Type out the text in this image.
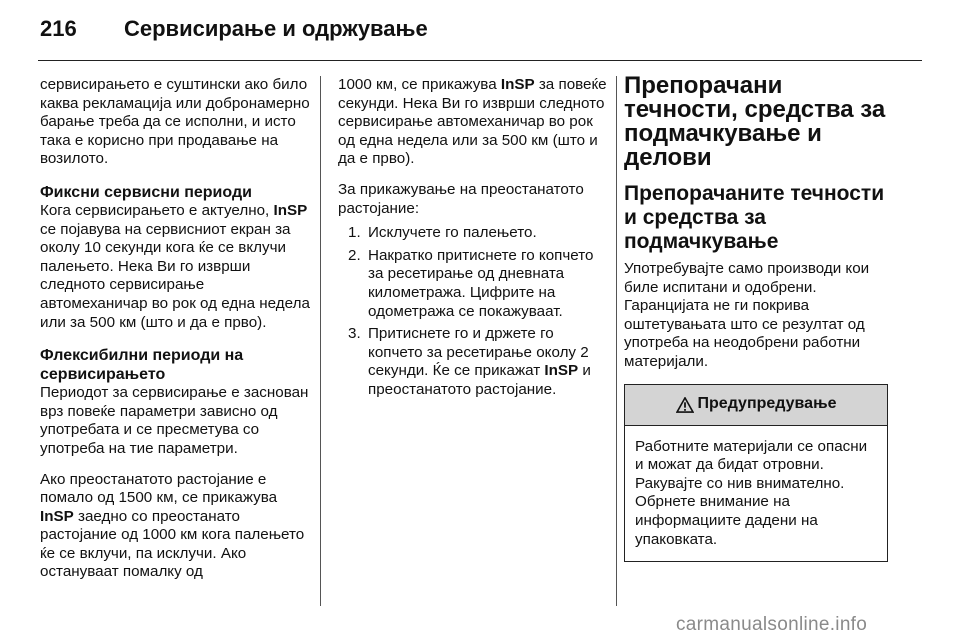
216 Сервисирање и одржување

сервисирањето е суштински ако било каква рекламација или добронамерно барање треба да се исполни, и исто така е корисно при продавање на возилото.

Фиксни сервисни периоди

Кога сервисирањето е актуелно, InSP се појавува на сервисниот екран за околу 10 секунди кога ќе се вклучи палењето. Нека Ви го изврши следното сервисирање автомеханичар во рок од една недела или за 500 км (што и да е прво).

Флексибилни периоди на сервисирањето

Периодот за сервисирање е заснован врз повеќе параметри зависно од употребата и се пресметува со употреба на тие параметри.

Ако преостанатото растојание е помало од 1500 км, се прикажува InSP заедно со преостанато растојание од 1000 км кога палењето ќе се вклучи, па исклучи. Ако остануваат помалку од

1000 км, се прикажува InSP за повеќе секунди. Нека Ви го изврши следното сервисирање автомеханичар во рок од една недела или за 500 км (што и да е прво).

За прикажување на преостанатото растојание:

1. Исклучете го палењето.
2. Накратко притиснете го копчето за ресетирање од дневната километража. Цифрите на одометража се покажуваат.
3. Притиснете го и држете го копчето за ресетирање околу 2 секунди. Ќе се прикажат InSP и преостанатото растојание.

Препорачани течности, средства за подмачкување и делови

Препорачаните течности и средства за подмачкување

Употребувајте само производи кои биле испитани и одобрени. Гаранцијата не ги покрива оштетувањата што се резултат од употреба на неодобрени работни материјали.

Предупредување
Работните материјали се опасни и можат да бидат отровни. Ракувајте со нив внимателно. Обрнете внимание на информациите дадени на упаковката.
carmanualsonline.info
